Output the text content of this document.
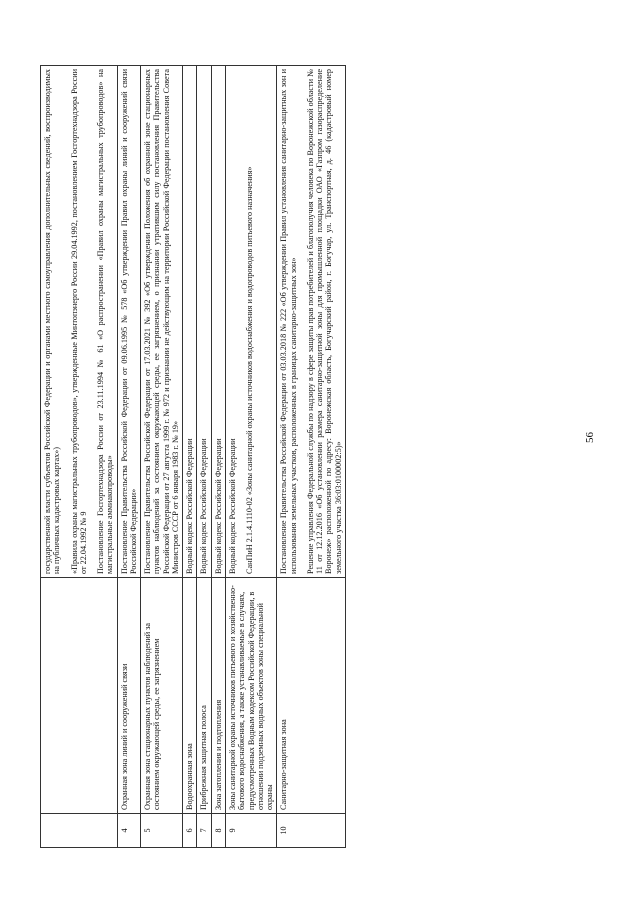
56

		государственной власти субъектов Российской Федерации и органами местного самоуправления дополнительных сведений, воспроизводимых на публичных кадастровых картах») «Правила охраны магистральных трубопроводов», утвержденные Минтопэнерго России 29.04.1992, постановлением Госгортехнадзора России от 22.04.1992 № 9 Постановление Госгортехнадзора России от 23.11.1994 № 61 «О распространении «Правил охраны магистральных трубопроводов» на магистральные аммиакопроводы»

4	Охранная зона линий и сооружений связи	Постановление Правительства Российской Федерации от 09.06.1995 № 578 «Об утверждении Правил охраны линий и сооружений связи Российской Федерации»

5	Охранная зона стационарных пунктов наблюдений за состоянием окружающей среды, ее загрязнением	Постановление Правительства Российской Федерации от 17.03.2021 № 392 «Об утверждении Положения об охранной зоне стационарных пунктов наблюдений за состоянием окружающей среды, ее загрязнением, о признании утратившим силу постановления Правительства Российской Федерации от 27 августа 1999 г. № 972 и признании не действующим на территории Российской Федерации постановления Совета Министров СССР от 6 января 1983 г. № 19»

6	Водоохранная зона	Водный кодекс Российской Федерации

7	Прибрежная защитная полоса	Водный кодекс Российской Федерации

8	Зона затопления и подтопления	Водный кодекс Российской Федерации

9	Зоны санитарной охраны источников питьевого и хозяйственно-бытового водоснабжения, а также устанавливаемые в случаях, предусмотренных Водным кодексом Российской Федерации, в отношении подземных водных объектов зоны специальной охраны	Водный кодекс Российской Федерации СанПиН 2.1.4.1110-02 «Зоны санитарной охраны источников водоснабжения и водопроводов питьевого назначения»

10	Санитарно-защитная зона	Постановление Правительства Российской Федерации от 03.03.2018 № 222 «Об утверждении Правил установления санитарно-защитных зон и использования земельных участков, расположенных в границах санитарно-защитных зон» Решение управления Федеральной службы по надзору в сфере защиты прав потребителей и благополучия человека по Воронежской области № 11 от 12.12.2016 «Об установлении размера санитарно-защитной зоны для промышленной площадки ОАО «Газпром газораспределение Воронеж» расположенной по адресу: Воронежская область, Богучарский район, г. Богучар, ул. Транспортная, д. 46 (кадастровый номер земельного участка 36:03:0100002:5)»
